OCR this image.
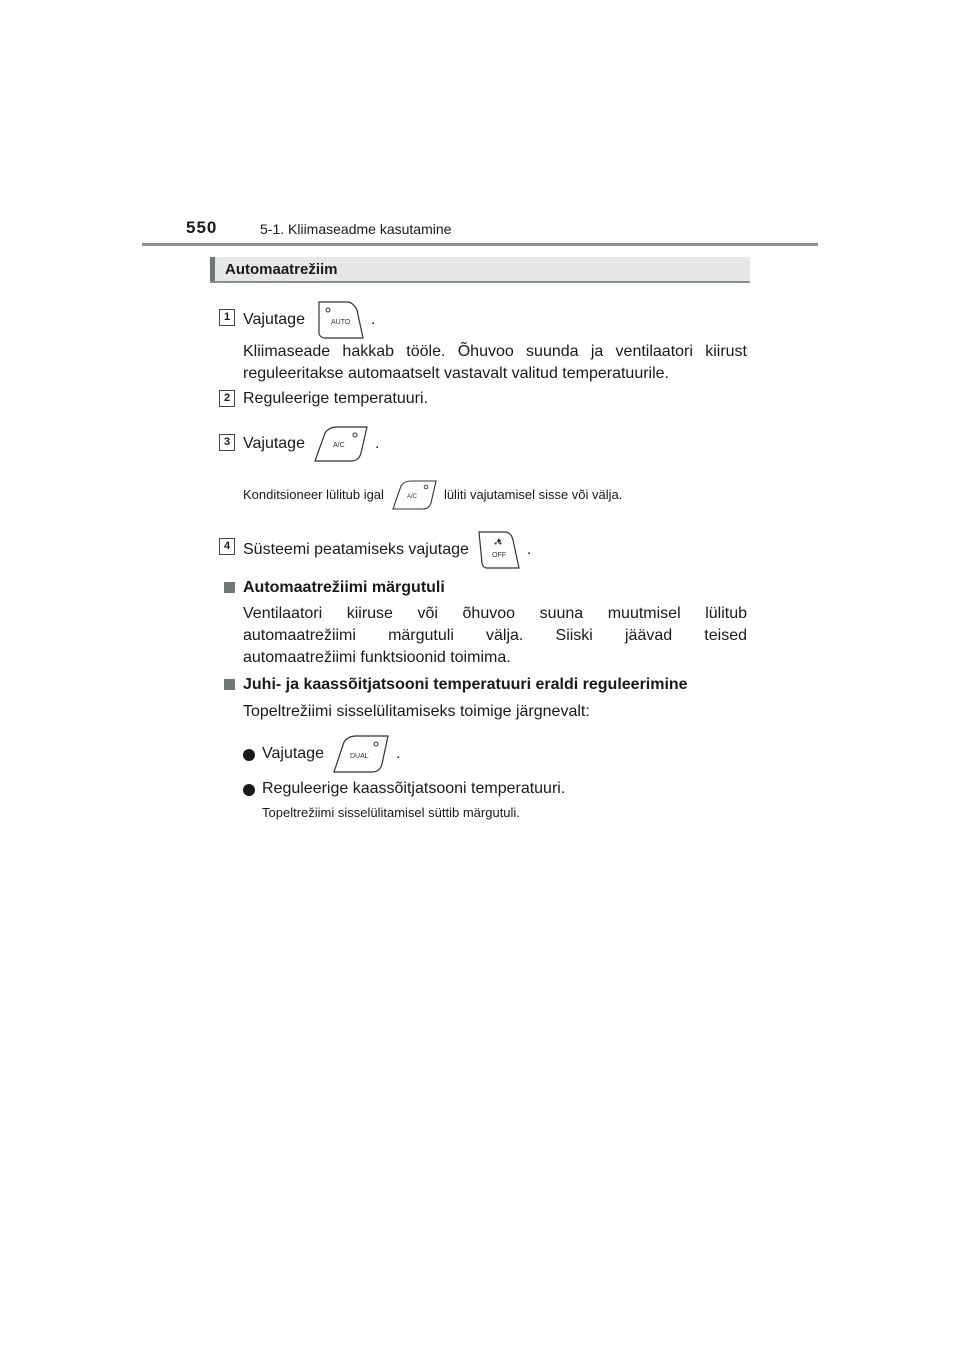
550	5-1. Kliimaseadme kasutamine
Automaatrežiim
1 Vajutage	AUTO .
Kliimaseade hakkab tööle. Õhuvoo suunda ja ventilaatori kiirust
reguleeritakse automaatselt vastavalt valitud temperatuurile.
2 Reguleerige temperatuuri.
3 Vajutage	A/C .
Konditsioneer lülitub igal	A/C lüliti vajutamisel sisse või välja.
4 Süsteemi peatamiseks vajutage	OFF .
Automaatrežiimi märgutuli
Ventilaatori kiiruse või õhuvoo suuna muutmisel lülitub
automaatrežiimi märgutuli välja. Siiski jäävad teised
automaatrežiimi funktsioonid toimima.
Juhi- ja kaassõitjatsooni temperatuuri eraldi reguleerimine
Topeltrežiimi sisselülitamiseks toimige järgnevalt:
Vajutage	DUAL .
Reguleerige kaassõitjatsooni temperatuuri.
Topeltrežiimi sisselülitamisel süttib märgutuli.
